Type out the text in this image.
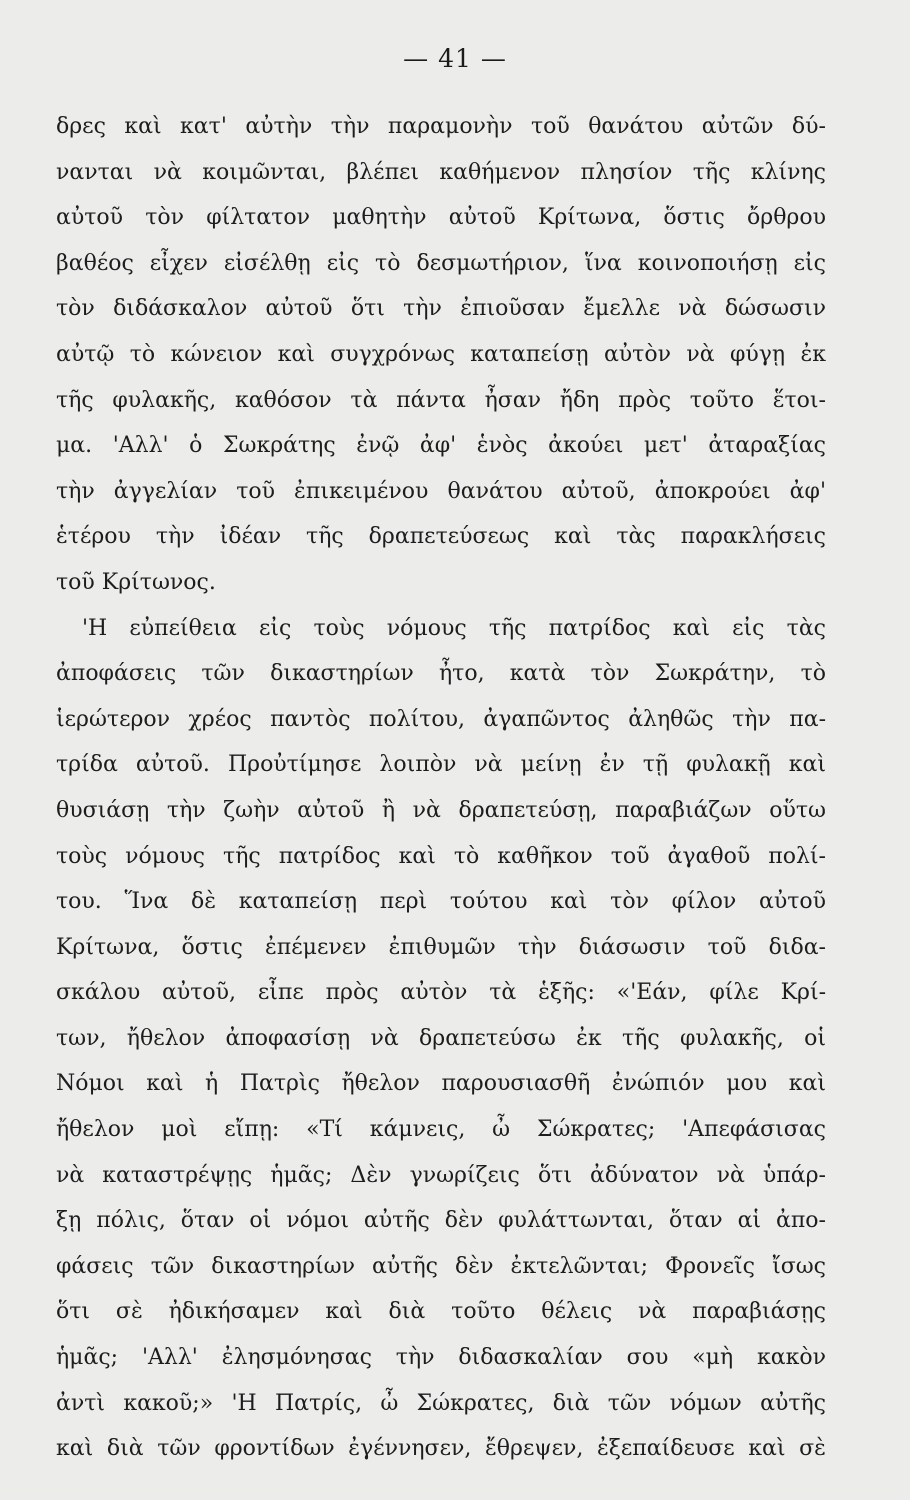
— 41 —
δρες καὶ κατ' αὐτὴν τὴν παραμονὴν τοῦ θανάτου αὐτῶν δύ-
νανται νὰ κοιμῶνται, βλέπει καθήμενον πλησίον τῆς κλίνης
αὐτοῦ τὸν φίλτατον μαθητὴν αὐτοῦ Κρίτωνα, ὅστις ὄρθρου
βαθέος εἶχεν εἰσέλθῃ εἰς τὸ δεσμωτήριον, ἵνα κοινοποιήσῃ εἰς
τὸν διδάσκαλον αὐτοῦ ὅτι τὴν ἐπιοῦσαν ἔμελλε νὰ δώσωσιν
αὐτῷ τὸ κώνειον καὶ συγχρόνως καταπείσῃ αὐτὸν νὰ φύγῃ ἐκ
τῆς φυλακῆς, καθόσον τὰ πάντα ἦσαν ἤδη πρὸς τοῦτο ἕτοι-
μα. 'Αλλ' ὁ Σωκράτης ἐνῷ ἀφ' ἑνὸς ἀκούει μετ' ἀταραξίας
τὴν ἀγγελίαν τοῦ ἐπικειμένου θανάτου αὐτοῦ, ἀποκρούει ἀφ'
ἑτέρου τὴν ἰδέαν τῆς δραπετεύσεως καὶ τὰς παρακλήσεις
τοῦ Κρίτωνος.
'Η εὐπείθεια εἰς τοὺς νόμους τῆς πατρίδος καὶ εἰς τὰς
ἀποφάσεις τῶν δικαστηρίων ἦτο, κατὰ τὸν Σωκράτην, τὸ
ἱερώτερον χρέος παντὸς πολίτου, ἀγαπῶντος ἀληθῶς τὴν πα-
τρίδα αὐτοῦ. Προὐτίμησε λοιπὸν νὰ μείνῃ ἐν τῇ φυλακῇ καὶ
θυσιάσῃ τὴν ζωὴν αὐτοῦ ἢ νὰ δραπετεύσῃ, παραβιάζων οὕτω
τοὺς νόμους τῆς πατρίδος καὶ τὸ καθῆκον τοῦ ἀγαθοῦ πολί-
του. Ἵνα δὲ καταπείσῃ περὶ τούτου καὶ τὸν φίλον αὐτοῦ
Κρίτωνα, ὅστις ἐπέμενεν ἐπιθυμῶν τὴν διάσωσιν τοῦ διδα-
σκάλου αὐτοῦ, εἶπε πρὸς αὐτὸν τὰ ἑξῆς: «'Εάν, φίλε Κρί-
των, ἤθελον ἀποφασίσῃ νὰ δραπετεύσω ἐκ τῆς φυλακῆς, οἱ
Νόμοι καὶ ἡ Πατρὶς ἤθελον παρουσιασθῆ ἐνώπιόν μου καὶ
ἤθελον μοὶ εἴπῃ: «Τί κάμνεις, ὦ Σώκρατες; 'Απεφάσισας
νὰ καταστρέψῃς ἡμᾶς; Δὲν γνωρίζεις ὅτι ἀδύνατον νὰ ὑπάρ-
ξῃ πόλις, ὅταν οἱ νόμοι αὐτῆς δὲν φυλάττωνται, ὅταν αἱ ἀπο-
φάσεις τῶν δικαστηρίων αὐτῆς δὲν ἐκτελῶνται; Φρονεῖς ἴσως
ὅτι σὲ ἠδικήσαμεν καὶ διὰ τοῦτο θέλεις νὰ παραβιάσῃς
ἡμᾶς; 'Αλλ' ἐλησμόνησας τὴν διδασκαλίαν σου «μὴ κακὸν
ἀντὶ κακοῦ;» 'Η Πατρίς, ὦ Σώκρατες, διὰ τῶν νόμων αὐτῆς
καὶ διὰ τῶν φροντίδων ἐγέννησεν, ἔθρεψεν, ἐξεπαίδευσε καὶ σὲ
